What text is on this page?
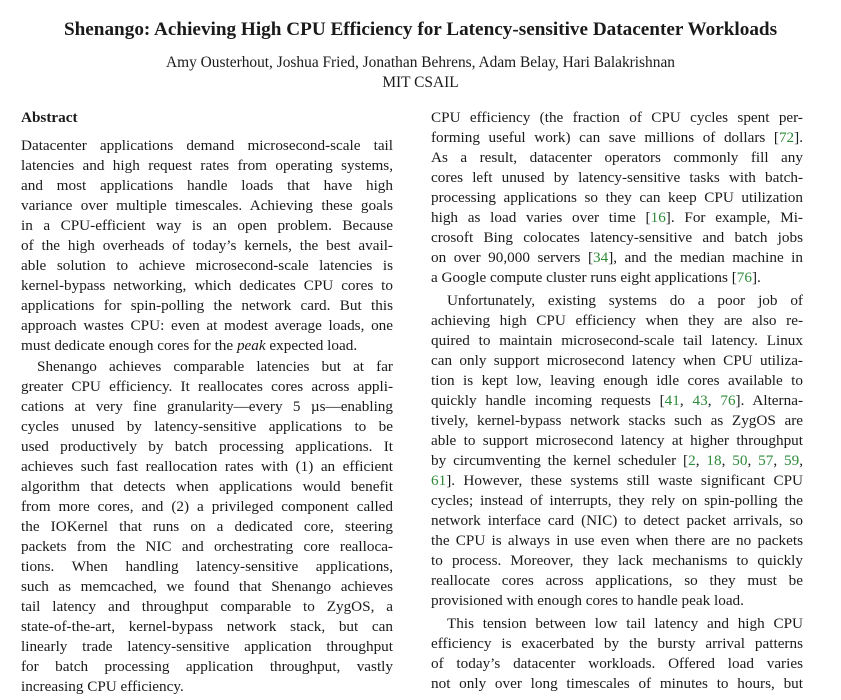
Shenango: Achieving High CPU Efficiency for Latency-sensitive Datacenter Workloads
Amy Ousterhout, Joshua Fried, Jonathan Behrens, Adam Belay, Hari Balakrishnan
MIT CSAIL
Abstract
Datacenter applications demand microsecond-scale tail
latencies and high request rates from operating systems,
and most applications handle loads that have high
variance over multiple timescales. Achieving these goals
in a CPU-efficient way is an open problem. Because
of the high overheads of today’s kernels, the best avail-
able solution to achieve microsecond-scale latencies is
kernel-bypass networking, which dedicates CPU cores to
applications for spin-polling the network card. But this
approach wastes CPU: even at modest average loads, one
must dedicate enough cores for the peak expected load.
Shenango achieves comparable latencies but at far
greater CPU efficiency. It reallocates cores across appli-
cations at very fine granularity—every 5 µs—enabling
cycles unused by latency-sensitive applications to be
used productively by batch processing applications. It
achieves such fast reallocation rates with (1) an efficient
algorithm that detects when applications would benefit
from more cores, and (2) a privileged component called
the IOKernel that runs on a dedicated core, steering
packets from the NIC and orchestrating core realloca-
tions. When handling latency-sensitive applications,
such as memcached, we found that Shenango achieves
tail latency and throughput comparable to ZygOS, a
state-of-the-art, kernel-bypass network stack, but can
linearly trade latency-sensitive application throughput
for batch processing application throughput, vastly
increasing CPU efficiency.
CPU efficiency (the fraction of CPU cycles spent per-
forming useful work) can save millions of dollars [72].
As a result, datacenter operators commonly fill any
cores left unused by latency-sensitive tasks with batch-
processing applications so they can keep CPU utilization
high as load varies over time [16]. For example, Mi-
crosoft Bing colocates latency-sensitive and batch jobs
on over 90,000 servers [34], and the median machine in
a Google compute cluster runs eight applications [76].
Unfortunately, existing systems do a poor job of
achieving high CPU efficiency when they are also re-
quired to maintain microsecond-scale tail latency. Linux
can only support microsecond latency when CPU utiliza-
tion is kept low, leaving enough idle cores available to
quickly handle incoming requests [41, 43, 76]. Alterna-
tively, kernel-bypass network stacks such as ZygOS are
able to support microsecond latency at higher throughput
by circumventing the kernel scheduler [2, 18, 50, 57, 59,
61]. However, these systems still waste significant CPU
cycles; instead of interrupts, they rely on spin-polling the
network interface card (NIC) to detect packet arrivals, so
the CPU is always in use even when there are no packets
to process. Moreover, they lack mechanisms to quickly
reallocate cores across applications, so they must be
provisioned with enough cores to handle peak load.
This tension between low tail latency and high CPU
efficiency is exacerbated by the bursty arrival patterns
of today’s datacenter workloads. Offered load varies
not only over long timescales of minutes to hours, but
